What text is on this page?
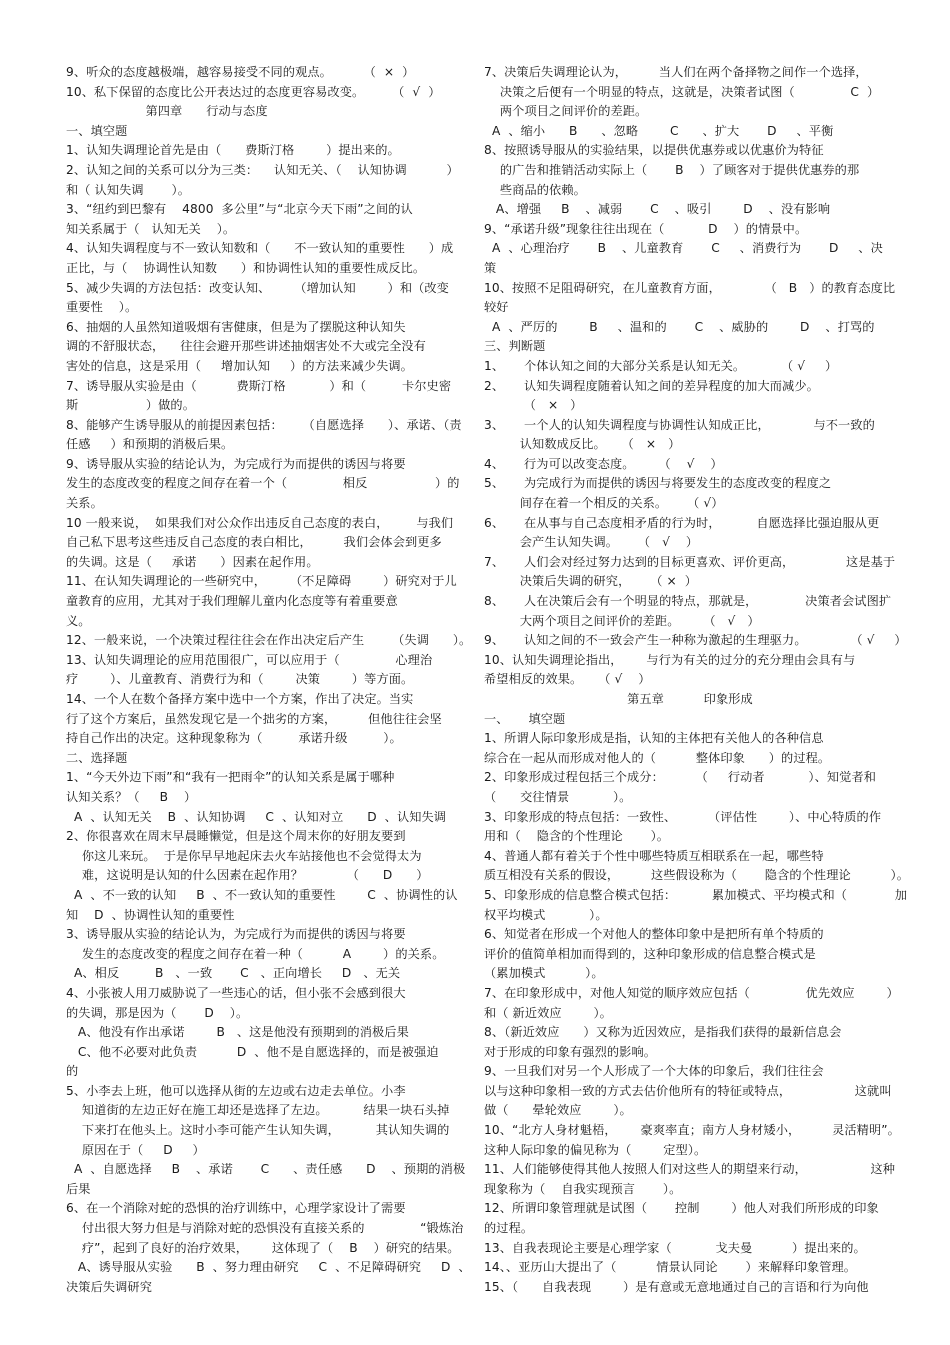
9、听众的态度越极端，越容易接受不同的观点。        （  ×  ）
10、私下保留的态度比公开表达过的态度更容易改变。       （  √  ）
第四章      行动与态度
一、填空题
1、认知失调理论首先是由（      费斯汀格        ）提出来的。
2、认知之间的关系可以分为三类：    认知无关、（    认知协调          ）
和（ 认知失调       ）。
3、“纽约到巴黎有    4800  多公里”与“北京今天下雨”之间的认
知关系属于（   认知无关    ）。
4、认知失调程度与不一致认知数和（      不一致认知的重要性      ）成
正比，与（    协调性认知数      ）和协调性认知的重要性成反比。
5、减少失调的方法包括：改变认知、      （增加认知        ）和（改变
重要性    ）。
6、抽烟的人虽然知道吸烟有害健康，但是为了摆脱这种认知失
调的不舒服状态，    往往会避开那些讲述抽烟害处不大或完全没有
害处的信息，这是采用（     增加认知     ）的方法来减少失调。
7、诱导服从实验是由（          费斯汀格           ）和（         卡尔史密
斯                 ）做的。
8、能够产生诱导服从的前提因素包括：     （自愿选择      ）、承诺、（责
任感     ）和预期的消极后果。
9、诱导服从实验的结论认为，为完成行为而提供的诱因与将要
发生的态度改变的程度之间存在着一个（              相反                 ）的
关系。
10 一般来说，  如果我们对公众作出违反自己态度的表白，       与我们
自己私下思考这些违反自己态度的表白相比，        我们会体会到更多
的失调。这是（     承诺      ）因素在起作用。
11、在认知失调理论的一些研究中，      （不足障碍        ）研究对于儿
童教育的应用，尤其对于我们理解儿童内化态度等有着重要意
义。
12、一般来说，一个决策过程往往会在作出决定后产生       （失调      ）。
13、认知失调理论的应用范围很广，可以应用于（              心理治
疗        ）、儿童教育、消费行为和（        决策        ）等方面。
14、一个人在数个备择方案中选中一个方案，作出了决定。当实
行了这个方案后，虽然发现它是一个拙劣的方案，        但他往往会坚
持自己作出的决定。这种现象称为（         承诺升级         ）。
二、选择题
1、“今天外边下雨”和“我有一把雨伞”的认知关系是属于哪种
认知关系？（     B    ）
A  、认知无关    B  、认知协调     C  、认知对立      D  、认知失调
2、你很喜欢在周末早晨睡懒觉，但是这个周末你的好朋友要到
你这儿来玩。  于是你早早地起床去火车站接他也不会觉得太为
难，这说明是认知的什么因素在起作用？           （      D      ）
A  、不一致的认知     B  、不一致认知的重要性        C  、协调性的认
知    D  、协调性认知的重要性
3、诱导服从实验的结论认为，为完成行为而提供的诱因与将要
发生的态度改变的程度之间存在着一种（          A        ）的关系。
A、相反         B   、一致       C   、正向增长     D   、无关
4、小张被人用刀威胁说了一些违心的话，但小张不会感到很大
的失调，那是因为（       D    ）。
A、他没有作出承诺        B   、这是他没有预期到的消极后果
C、他不必要对此负责          D  、他不是自愿选择的，而是被强迫
的
5、小李去上班，他可以选择从街的左边或右边走去单位。小李
知道街的左边正好在施工却还是选择了左边。         结果一块石头掉
下来打在他头上。这时小李可能产生认知失调，         其认知失调的
原因在于（     D     ）
A  、自愿选择     B    、承诺       C      、责任感      D    、预期的消极
后果
6、在一个消除对蛇的恐惧的治疗训练中，心理学家设计了需要
付出很大努力但是与消除对蛇的恐惧没有直接关系的              “锻炼治
疗”，起到了良好的治疗效果，      这体现了（    B    ）研究的结果。
A、诱导服从实验      B  、努力理由研究     C  、不足障碍研究     D  、
决策后失调研究
7、决策后失调理论认为，        当人们在两个备择物之间作一个选择，
决策之后便有一个明显的特点，这就是，决策者试图（              C  ）
两个项目之间评价的差距。
A  、缩小      B      、忽略        C      、扩大       D     、平衡
8、按照诱导服从的实验结果，以提供优惠券或以优惠价为特征
的广告和推销活动实际上（       B    ）了顾客对于提供优惠券的那
些商品的依赖。
A、增强     B    、减弱       C    、吸引        D    、没有影响
9、“承诺升级”现象往往出现在（           D    ）的情景中。
A  、心理治疗       B    、儿童教育       C     、消费行为       D     、决
策
10、按照不足阻碍研究，在儿童教育方面，           （   B   ）的教育态度比
较好
A  、严厉的        B     、温和的       C    、威胁的        D    、打骂的
三、判断题
1、     个体认知之间的大部分关系是认知无关。         （ √     ）
2、     认知失调程度随着认知之间的差异程度的加大而减少。
（   ×   ）
3、     一个人的认知失调程度与协调性认知成正比，           与不一致的
认知数成反比。    （   ×   ）
4、     行为可以改变态度。      （    √    ）
5、     为完成行为而提供的诱因与将要发生的态度改变的程度之
间存在着一个相反的关系。     （ √）
6、     在从事与自己态度相矛盾的行为时，         自愿选择比强迫服从更
会产生认知失调。     （   √    ）
7、     人们会对经过努力达到的目标更喜欢、评价更高，             这是基于
决策后失调的研究，     （ ×  ）
8、     人在决策后会有一个明显的特点，那就是，            决策者会试图扩
大两个项目之间评价的差距。      （   √   ）
9、     认知之间的不一致会产生一种称为激起的生理驱力。           （ √     ）
10、认知失调理论指出，      与行为有关的过分的充分理由会具有与
希望相反的效果。    （ √    ）
第五章          印象形成
一、     填空题
1、所谓人际印象形成是指，认知的主体把有关他人的各种信息
综合在一起从而形成对他人的（          整体印象      ）的过程。
2、印象形成过程包括三个成分：        （     行动者           ）、知觉者和
（      交往情景           ）。
3、印象形成的特点包括：一致性、        （评估性        ）、中心特质的作
用和（    隐含的个性理论       ）。
4、普通人都有着关于个性中哪些特质互相联系在一起，哪些特
质互相没有关系的假设，        这些假设称为（       隐含的个性理论          ）。
5、印象形成的信息整合模式包括：         累加模式、平均模式和（            加
权平均模式           ）。
6、知觉者在形成一个对他人的整体印象中是把所有单个特质的
评价的值简单相加而得到的，这种印象形成的信息整合模式是
（累加模式          ）。
7、在印象形成中，对他人知觉的顺序效应包括（              优先效应        ）
和（ 新近效应        ）。
8、（新近效应      ）又称为近因效应，是指我们获得的最新信息会
对于形成的印象有强烈的影响。
9、一旦我们对另一个人形成了一个大体的印象后，我们往往会
以与这种印象相一致的方式去估价他所有的特征或特点，                这就叫
做（      晕轮效应        ）。
10、“北方人身材魁梧，      豪爽率直；南方人身材矮小，        灵活精明”。
这种人际印象的偏见称为（        定型）。
11、人们能够使得其他人按照人们对这些人的期望来行动，                这种
现象称为（    自我实现预言       ）。
12、所谓印象管理就是试图（       控制        ）他人对我们所形成的印象
的过程。
13、自我表现论主要是心理学家（           戈夫曼          ）提出来的。
14、、亚历山大提出了（          情景认同论       ）来解释印象管理。
15、（      自我表现        ）是有意或无意地通过自己的言语和行为向他
